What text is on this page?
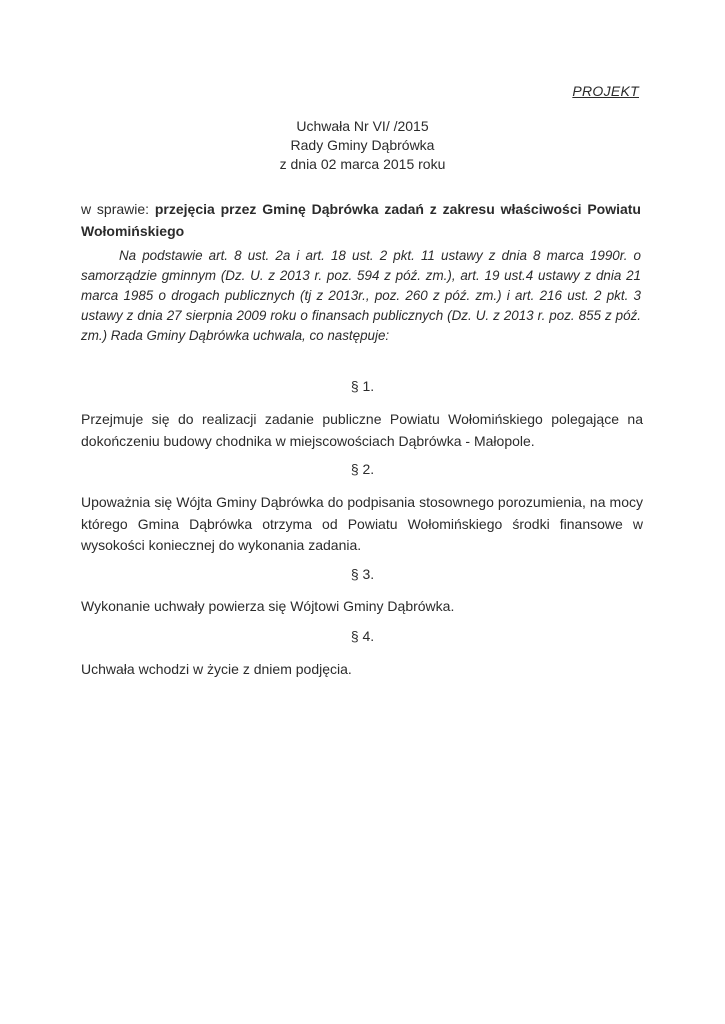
PROJEKT
Uchwała Nr VI/ /2015
Rady Gminy Dąbrówka
z dnia 02 marca 2015 roku
w sprawie: przejęcia przez Gminę Dąbrówka zadań z zakresu właściwości Powiatu Wołomińskiego
Na podstawie art. 8 ust. 2a i art. 18 ust. 2 pkt. 11 ustawy z dnia 8 marca 1990r. o samorządzie gminnym (Dz. U. z 2013 r. poz. 594 z póź. zm.), art. 19 ust.4 ustawy z dnia 21 marca 1985 o drogach publicznych (tj z 2013r., poz. 260 z póź. zm.) i art. 216 ust. 2 pkt. 3 ustawy z dnia 27 sierpnia 2009 roku o finansach publicznych (Dz. U. z 2013 r. poz. 855 z póź. zm.) Rada Gminy Dąbrówka uchwala, co następuje:
§ 1.
Przejmuje się do realizacji zadanie publiczne Powiatu Wołomińskiego polegające na dokończeniu budowy chodnika w miejscowościach Dąbrówka - Małopole.
§ 2.
Upoważnia się Wójta Gminy Dąbrówka do podpisania stosownego porozumienia, na mocy którego Gmina Dąbrówka otrzyma od Powiatu Wołomińskiego środki finansowe w wysokości koniecznej do wykonania zadania.
§ 3.
Wykonanie uchwały powierza się Wójtowi Gminy Dąbrówka.
§ 4.
Uchwała wchodzi w życie z dniem podjęcia.
